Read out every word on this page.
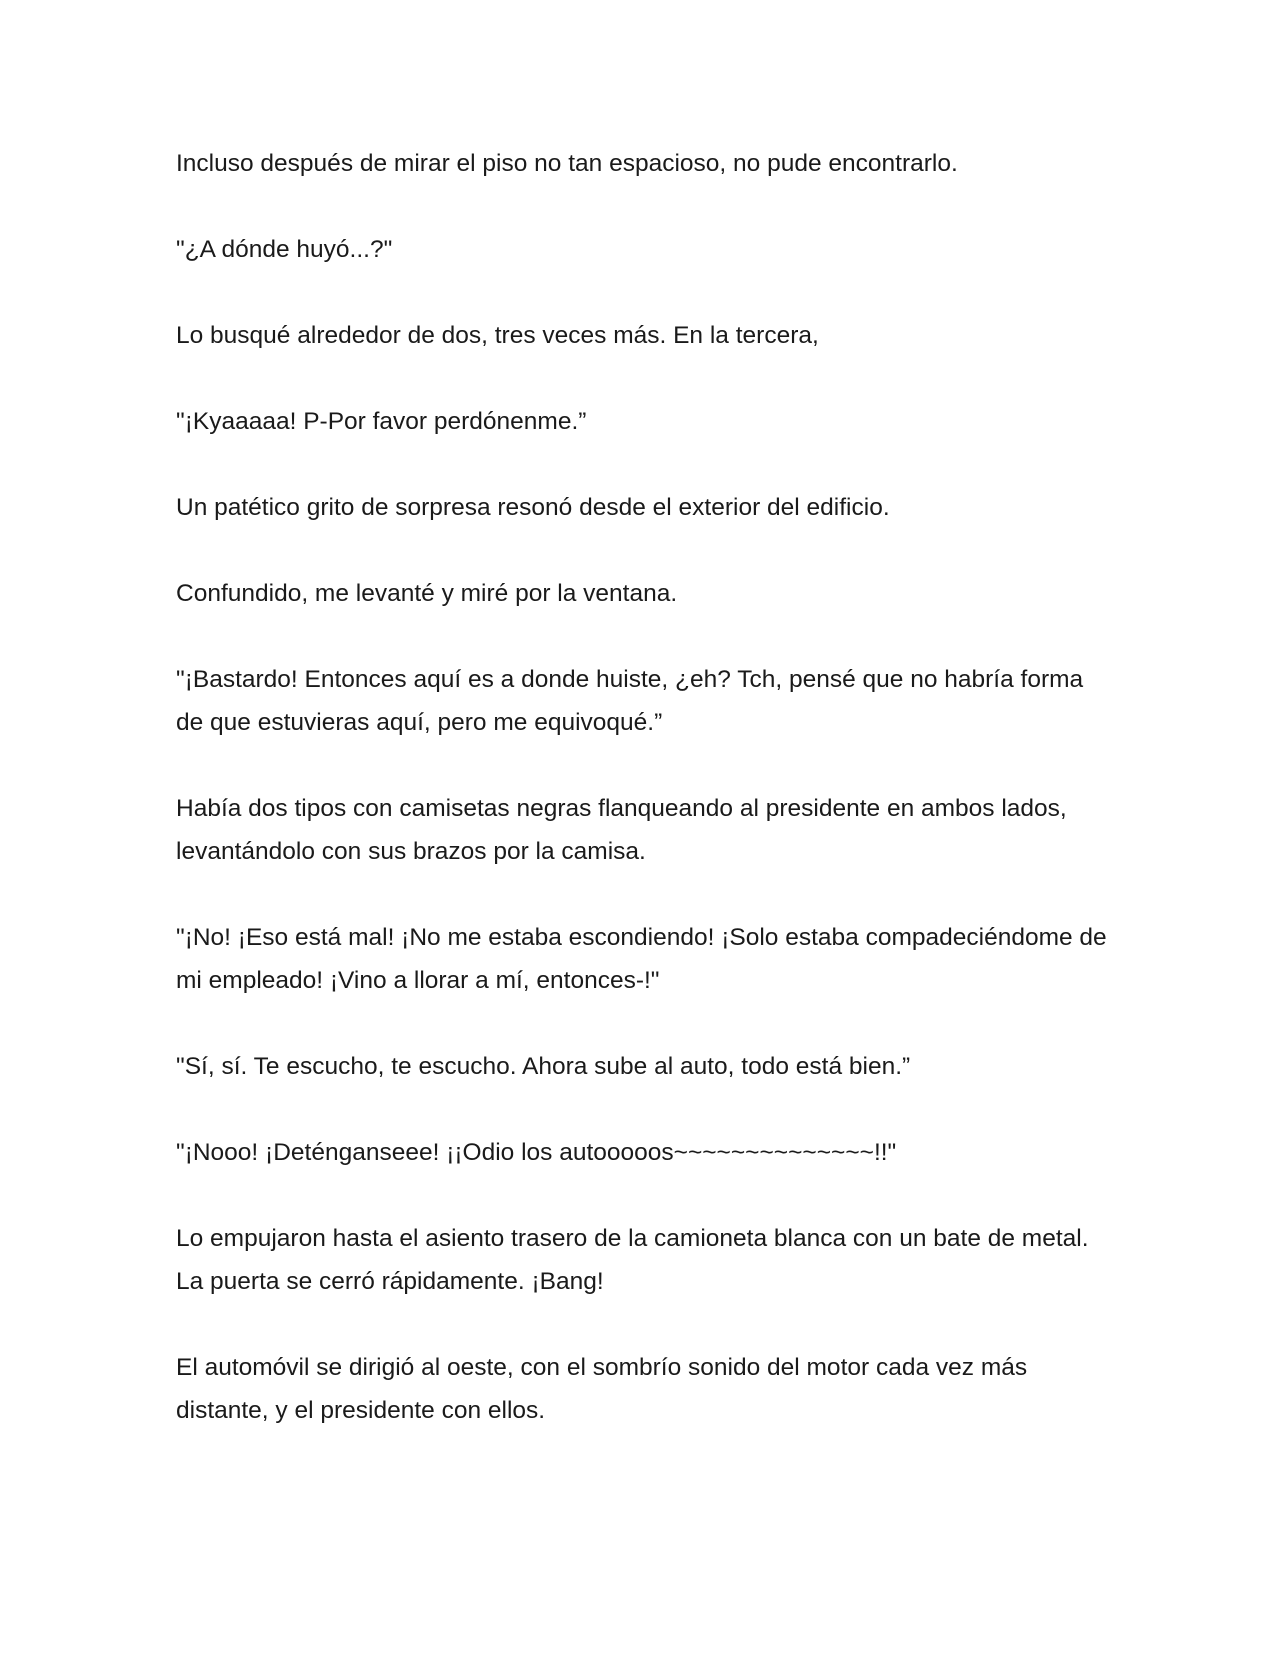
Incluso después de mirar el piso no tan espacioso, no pude encontrarlo.

"¿A dónde huyó...?"

Lo busqué alrededor de dos, tres veces más. En la tercera,

"¡Kyaaaaa! P-Por favor perdónenme.”

Un patético grito de sorpresa resonó desde el exterior del edificio.

Confundido, me levanté y miré por la ventana.

"¡Bastardo! Entonces aquí es a donde huiste, ¿eh? Tch, pensé que no habría forma de que estuvieras aquí, pero me equivoqué.”

Había dos tipos con camisetas negras flanqueando al presidente en ambos lados, levantándolo con sus brazos por la camisa.

"¡No! ¡Eso está mal! ¡No me estaba escondiendo! ¡Solo estaba compadeciéndome de mi empleado! ¡Vino a llorar a mí, entonces-!"

"Sí, sí. Te escucho, te escucho. Ahora sube al auto, todo está bien.”

"¡Nooo! ¡Deténganseee! ¡¡Odio los autooooos~~~~~~~~~~~~~~!!"

Lo empujaron hasta el asiento trasero de la camioneta blanca con un bate de metal. La puerta se cerró rápidamente. ¡Bang!

El automóvil se dirigió al oeste, con el sombrío sonido del motor cada vez más distante, y el presidente con ellos.
